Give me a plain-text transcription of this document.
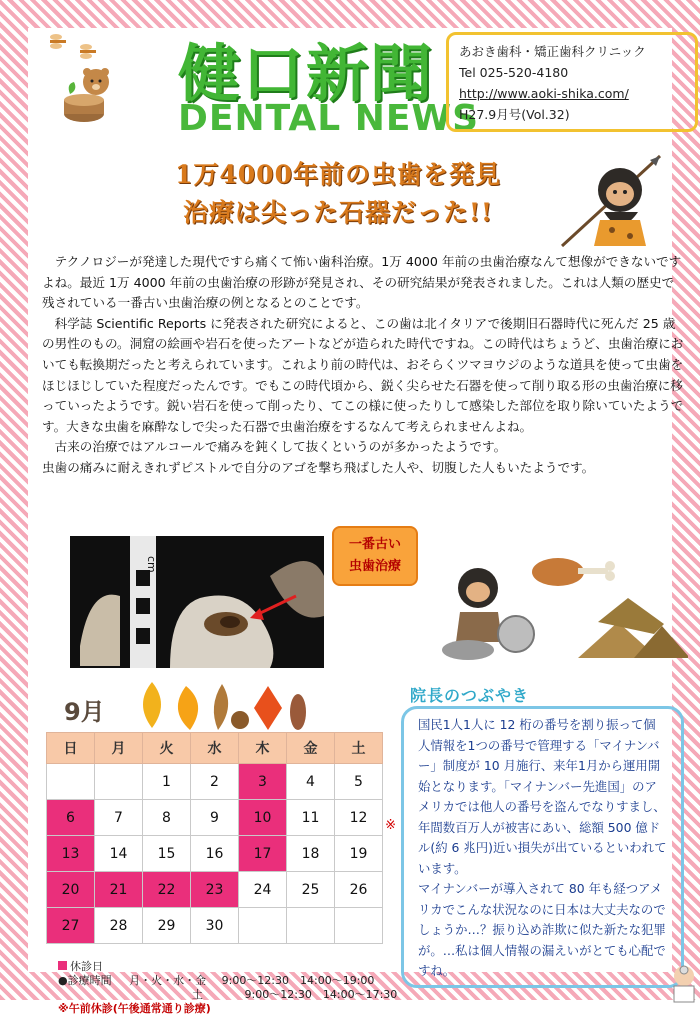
健口新聞
DENTAL NEWS
あおき歯科・矯正歯科クリニック
Tel 025-520-4180
http://www.aoki-shika.com/
H27.9月号(Vol.32)
1万4000年前の虫歯を発見
治療は尖った石器だった!!

テクノロジーが発達した現代ですら痛くて怖い歯科治療。1万 4000 年前の虫歯治療なんて想像ができないですよね。最近 1万 4000 年前の虫歯治療の形跡が発見され、その研究結果が発表されました。これは人類の歴史で残されている一番古い虫歯治療の例となるとのことです。

科学誌 Scientific Reports に発表された研究によると、この歯は北イタリアで後期旧石器時代に死んだ 25 歳の男性のもの。洞窟の絵画や岩石を使ったアートなどが造られた時代ですね。この時代はちょうど、虫歯治療においても転換期だったと考えられています。これより前の時代は、おそらくツマヨウジのような道具を使って虫歯をほじほじしていた程度だったんです。でもこの時代頃から、鋭く尖らせた石器を使って削り取る形の虫歯治療に移っていったようです。鋭い岩石を使って削ったり、てこの様に使ったりして感染した部位を取り除いていたようです。大きな虫歯を麻酔なしで尖った石器で虫歯治療をするなんて考えられませんよね。

古来の治療ではアルコールで痛みを鈍くして抜くというのが多かったようです。

虫歯の痛みに耐えきれずピストルで自分のアゴを撃ち飛ばした人や、切腹した人もいたようです。

cm
一番古い
虫歯治療
9月
日	月	火	水	木	金	土
		1	2	3	4	5
6	7	8	9	10	11	12 ※

13	14	15	16	17	18	19
20	21	22	23	24	25	26
27	28	29	30			
休診日
●診療時間 月・火・水・金 9:00～12:30　14:00～19:00
土	9:00～12:30　14:00～17:30
※午前休診(午後通常通り診療)
院長のつぶやき
国民1人1人に 12 桁の番号を割り振って個人情報を1つの番号で管理する「マイナンバー」制度が 10 月施行、来年1月から運用開始となります。「マイナンバー先進国」のアメリカでは他人の番号を盗んでなりすまし、年間数百万人が被害にあい、総額 500 億ドル(約 6 兆円)近い損失が出ているといわれています。
マイナンバーが導入されて 80 年も経つアメリカでこんな状況なのに日本は大丈夫なのでしょうか…？振り込め詐欺に似た新たな犯罪が。…私は個人情報の漏えいがとても心配ですね。
